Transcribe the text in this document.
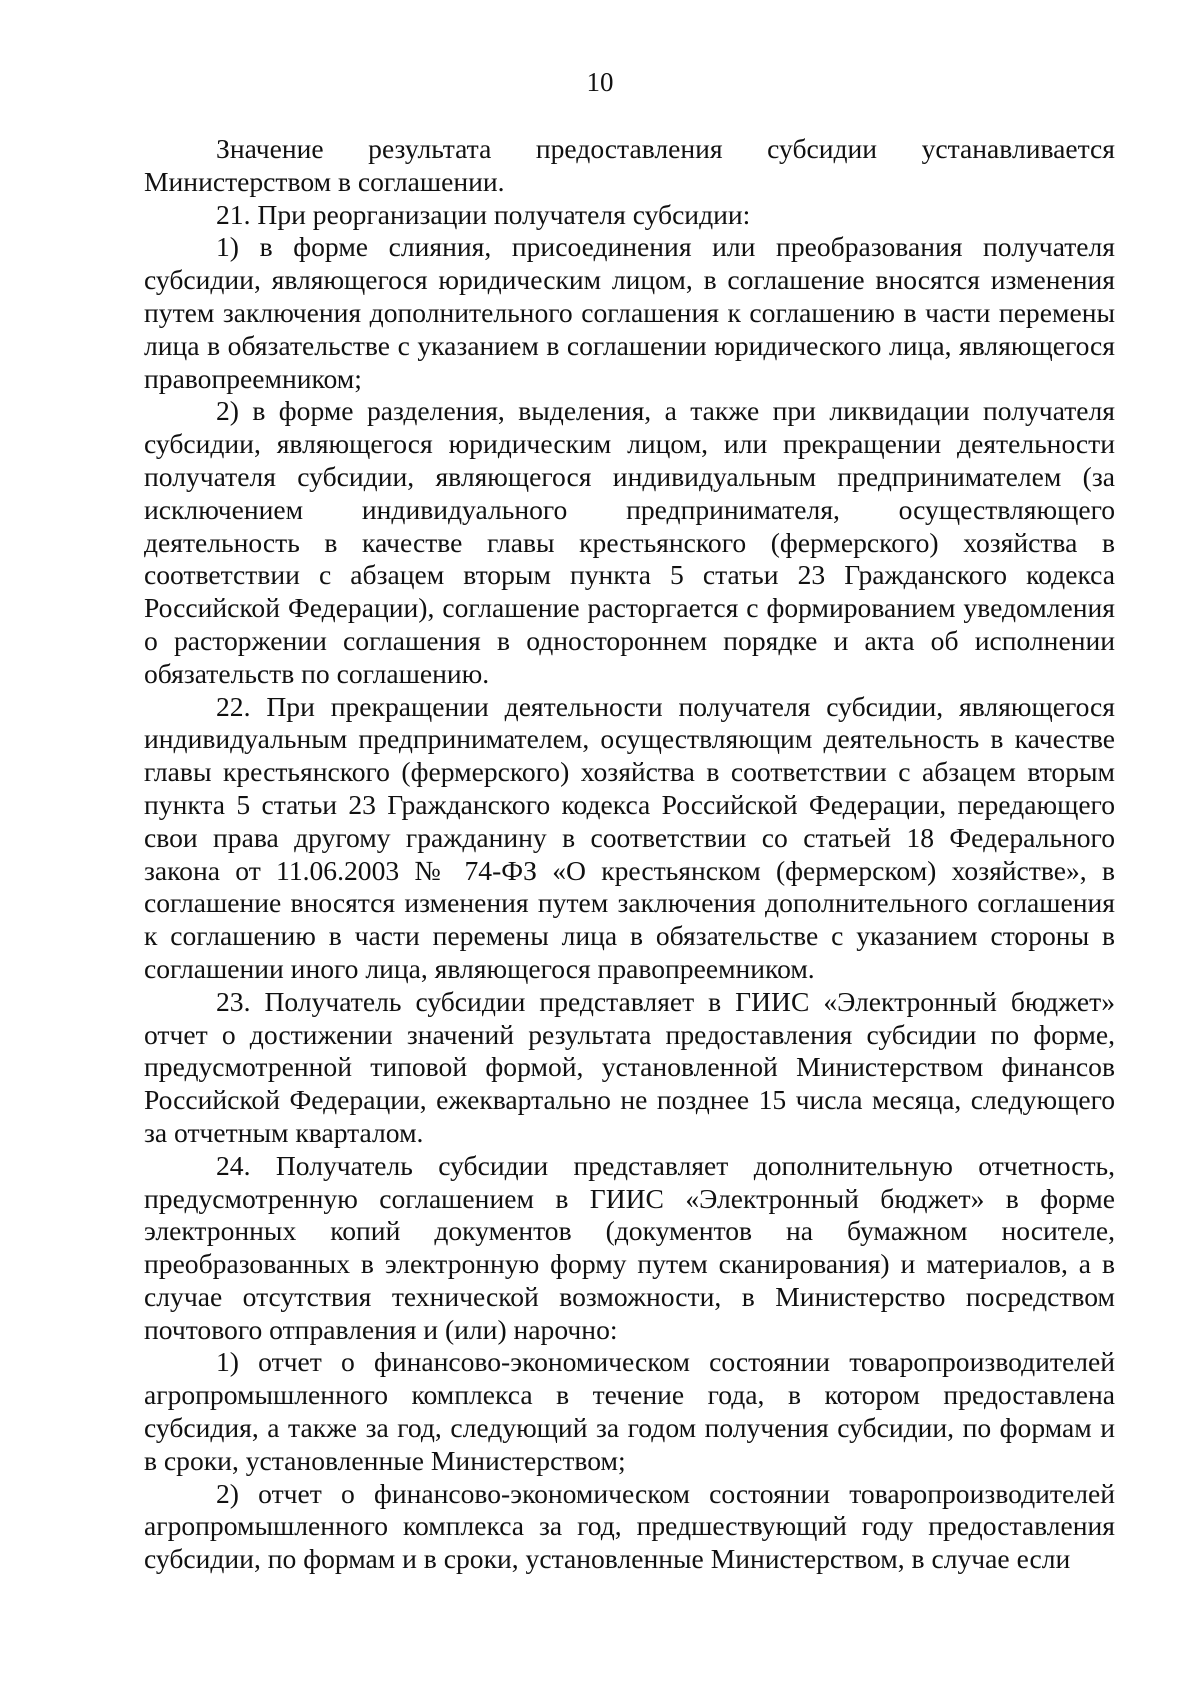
10

Значение результата предоставления субсидии устанавливается Министерством в соглашении.

21. При реорганизации получателя субсидии:

1) в форме слияния, присоединения или преобразования получателя субсидии, являющегося юридическим лицом, в соглашение вносятся изменения путем заключения дополнительного соглашения к соглашению в части перемены лица в обязательстве с указанием в соглашении юридического лица, являющегося правопреемником;

2) в форме разделения, выделения, а также при ликвидации получателя субсидии, являющегося юридическим лицом, или прекращении деятельности получателя субсидии, являющегося индивидуальным предпринимателем (за исключением индивидуального предпринимателя, осуществляющего деятельность в качестве главы крестьянского (фермерского) хозяйства в соответствии с абзацем вторым пункта 5 статьи 23 Гражданского кодекса Российской Федерации), соглашение расторгается с формированием уведомления о расторжении соглашения в одностороннем порядке и акта об исполнении обязательств по соглашению.

22. При прекращении деятельности получателя субсидии, являющегося индивидуальным предпринимателем, осуществляющим деятельность в качестве главы крестьянского (фермерского) хозяйства в соответствии с абзацем вторым пункта 5 статьи 23 Гражданского кодекса Российской Федерации, передающего свои права другому гражданину в соответствии со статьей 18 Федерального закона от 11.06.2003 № 74-ФЗ «О крестьянском (фермерском) хозяйстве», в соглашение вносятся изменения путем заключения дополнительного соглашения к соглашению в части перемены лица в обязательстве с указанием стороны в соглашении иного лица, являющегося правопреемником.

23. Получатель субсидии представляет в ГИИС «Электронный бюджет» отчет о достижении значений результата предоставления субсидии по форме, предусмотренной типовой формой, установленной Министерством финансов Российской Федерации, ежеквартально не позднее 15 числа месяца, следующего за отчетным кварталом.

24. Получатель субсидии представляет дополнительную отчетность, предусмотренную соглашением в ГИИС «Электронный бюджет» в форме электронных копий документов (документов на бумажном носителе, преобразованных в электронную форму путем сканирования) и материалов, а в случае отсутствия технической возможности, в Министерство посредством почтового отправления и (или) нарочно:

1) отчет о финансово-экономическом состоянии товаропроизводителей агропромышленного комплекса в течение года, в котором предоставлена субсидия, а также за год, следующий за годом получения субсидии, по формам и в сроки, установленные Министерством;

2) отчет о финансово-экономическом состоянии товаропроизводителей агропромышленного комплекса за год, предшествующий году предоставления субсидии, по формам и в сроки, установленные Министерством, в случае если
